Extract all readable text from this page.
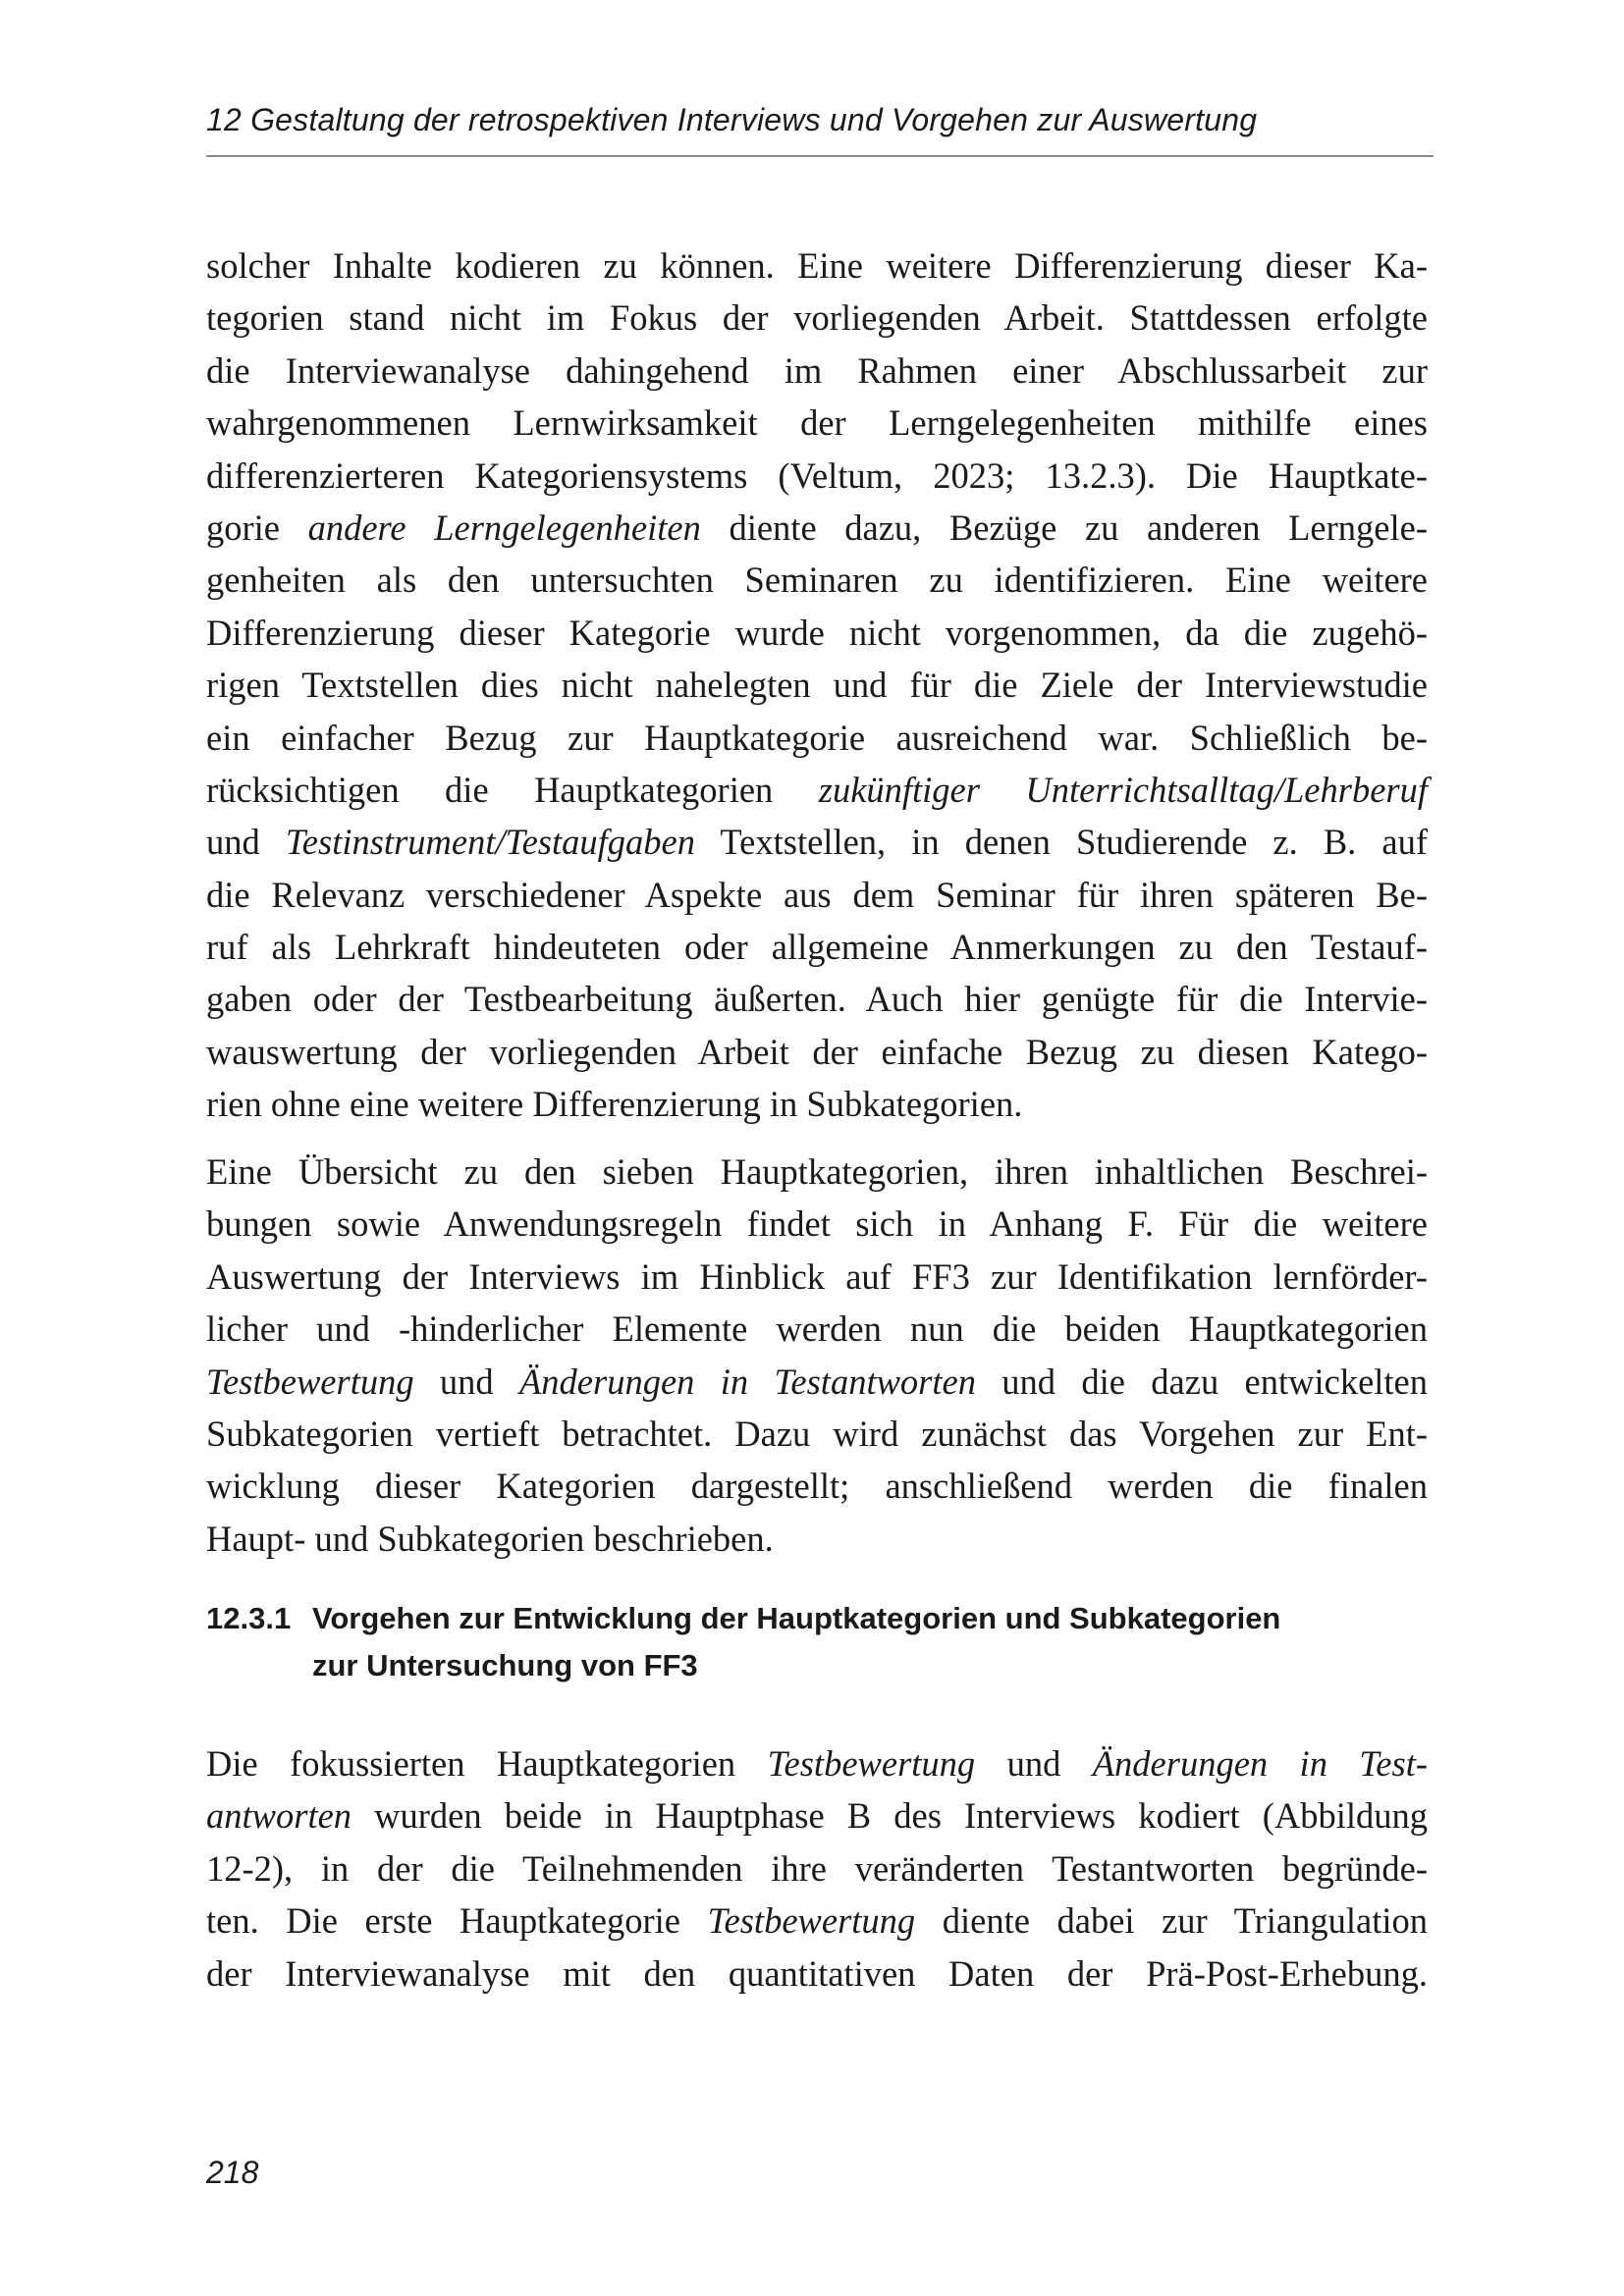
12 Gestaltung der retrospektiven Interviews und Vorgehen zur Auswertung
solcher Inhalte kodieren zu können. Eine weitere Differenzierung dieser Ka-
tegorien stand nicht im Fokus der vorliegenden Arbeit. Stattdessen erfolgte
die Interviewanalyse dahingehend im Rahmen einer Abschlussarbeit zur
wahrgenommenen Lernwirksamkeit der Lerngelegenheiten mithilfe eines
differenzierteren Kategoriensystems (Veltum, 2023; 13.2.3). Die Hauptkate-
gorie andere Lerngelegenheiten diente dazu, Bezüge zu anderen Lerngele-
genheiten als den untersuchten Seminaren zu identifizieren. Eine weitere
Differenzierung dieser Kategorie wurde nicht vorgenommen, da die zugehö-
rigen Textstellen dies nicht nahelegten und für die Ziele der Interviewstudie
ein einfacher Bezug zur Hauptkategorie ausreichend war. Schließlich be-
rücksichtigen die Hauptkategorien zukünftiger Unterrichtsalltag/Lehrberuf
und Testinstrument/Testaufgaben Textstellen, in denen Studierende z. B. auf
die Relevanz verschiedener Aspekte aus dem Seminar für ihren späteren Be-
ruf als Lehrkraft hindeuteten oder allgemeine Anmerkungen zu den Testauf-
gaben oder der Testbearbeitung äußerten. Auch hier genügte für die Intervie-
wauswertung der vorliegenden Arbeit der einfache Bezug zu diesen Katego-
rien ohne eine weitere Differenzierung in Subkategorien.
Eine Übersicht zu den sieben Hauptkategorien, ihren inhaltlichen Beschrei-
bungen sowie Anwendungsregeln findet sich in Anhang F. Für die weitere
Auswertung der Interviews im Hinblick auf FF3 zur Identifikation lernförder-
licher und -hinderlicher Elemente werden nun die beiden Hauptkategorien
Testbewertung und Änderungen in Testantworten und die dazu entwickelten
Subkategorien vertieft betrachtet. Dazu wird zunächst das Vorgehen zur Ent-
wicklung dieser Kategorien dargestellt; anschließend werden die finalen
Haupt- und Subkategorien beschrieben.
12.3.1 Vorgehen zur Entwicklung der Hauptkategorien und Subkategorien
zur Untersuchung von FF3
Die fokussierten Hauptkategorien Testbewertung und Änderungen in Test-
antworten wurden beide in Hauptphase B des Interviews kodiert (Abbildung
12-2), in der die Teilnehmenden ihre veränderten Testantworten begründe-
ten. Die erste Hauptkategorie Testbewertung diente dabei zur Triangulation
der Interviewanalyse mit den quantitativen Daten der Prä-Post-Erhebung.
218
